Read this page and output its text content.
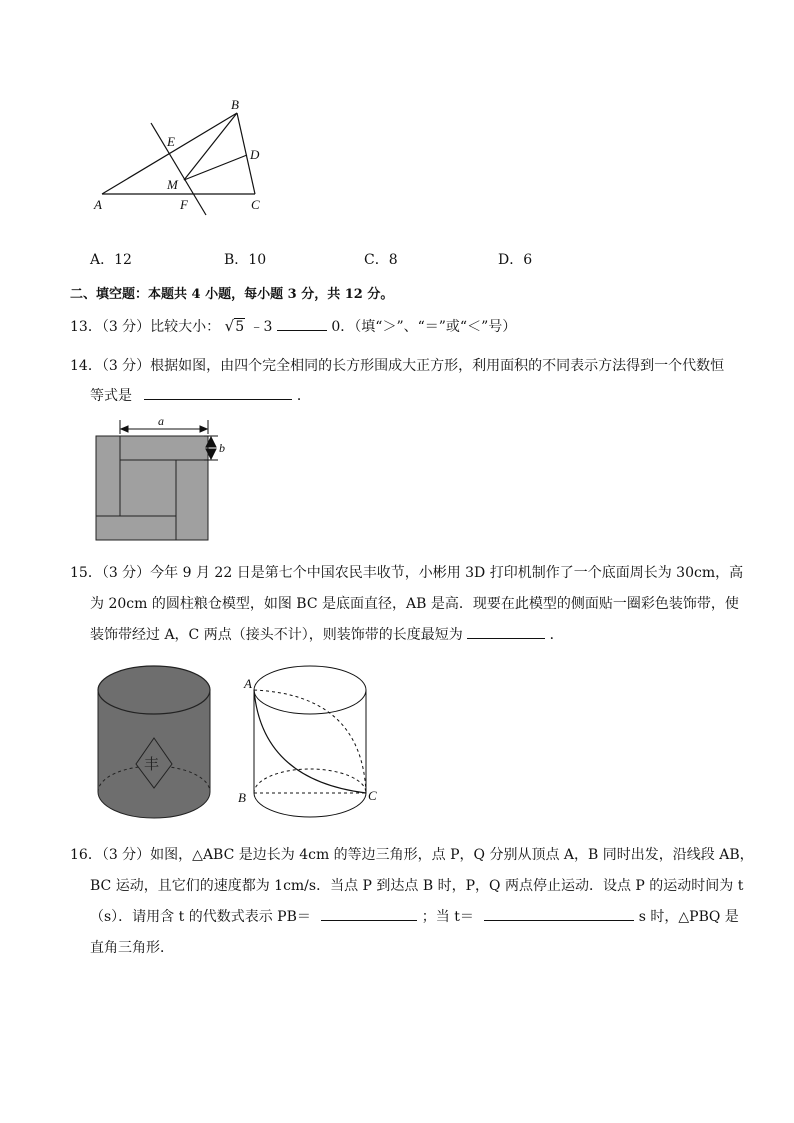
B
E
D
M
A	F	C
A．12	B．10	C．8	D．6
二、填空题：本题共 4 小题，每小题 3 分，共 12 分。
13．（3 分）比较大小： √5 ﹣3	0．（填“＞”、“＝”或“＜”号）
14．（3 分）根据如图，由四个完全相同的长方形围成大正方形，利用面积的不同表示方法得到一个代数恒
等式是	．
a
b
15．（3 分）今年 9 月 22 日是第七个中国农民丰收节，小彬用 3D 打印机制作了一个底面周长为 30cm，高
为 20cm 的圆柱粮仓模型，如图 BC 是底面直径，AB 是高．现要在此模型的侧面贴一圈彩色装饰带，使
装饰带经过 A，C 两点（接头不计），则装饰带的长度最短为	．
丰
A
B	C
16．（3 分）如图，△ABC 是边长为 4cm 的等边三角形，点 P，Q 分别从顶点 A，B 同时出发，沿线段 AB，
BC 运动，且它们的速度都为 1cm/s．当点 P 到达点 B 时，P，Q 两点停止运动．设点 P 的运动时间为 t
（s）．请用含 t 的代数式表示 PB＝	；当 t＝	s 时，△PBQ 是
直角三角形．
